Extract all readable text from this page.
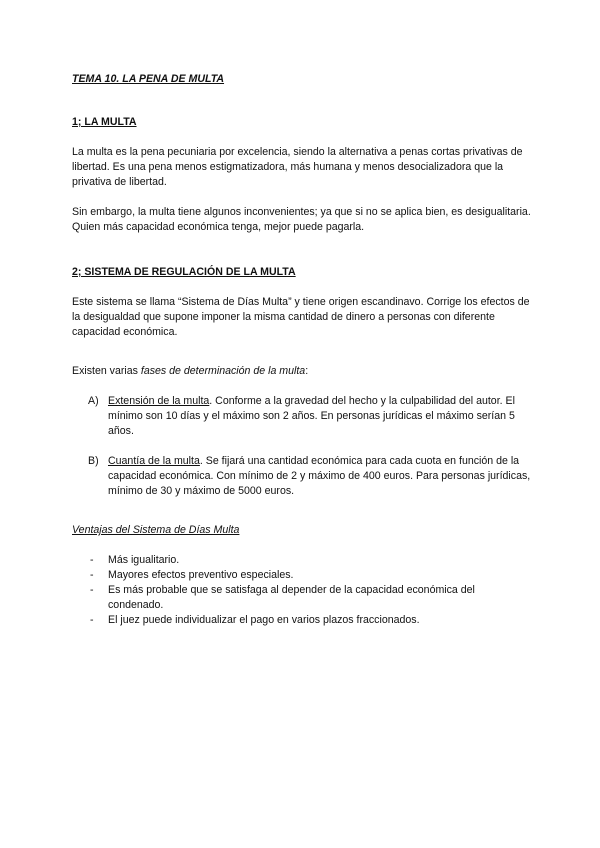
TEMA 10. LA PENA DE MULTA

1; LA MULTA

La multa es la pena pecuniaria por excelencia, siendo la alternativa a penas cortas privativas de libertad. Es una pena menos estigmatizadora, más humana y menos desocializadora que la privativa de libertad.

Sin embargo, la multa tiene algunos inconvenientes; ya que si no se aplica bien, es desigualitaria. Quien más capacidad económica tenga, mejor puede pagarla.

2; SISTEMA DE REGULACIÓN DE LA MULTA

Este sistema se llama “Sistema de Días Multa” y tiene origen escandinavo. Corrige los efectos de la desigualdad que supone imponer la misma cantidad de dinero a personas con diferente capacidad económica.

Existen varias fases de determinación de la multa:

A) Extensión de la multa. Conforme a la gravedad del hecho y la culpabilidad del autor. El mínimo son 10 días y el máximo son 2 años. En personas jurídicas el máximo serían 5 años.
B) Cuantía de la multa. Se fijará una cantidad económica para cada cuota en función de la capacidad económica. Con mínimo de 2 y máximo de 400 euros. Para personas jurídicas, mínimo de 30 y máximo de 5000 euros.

Ventajas del Sistema de Días Multa

- Más igualitario.
- Mayores efectos preventivo especiales.
- Es más probable que se satisfaga al depender de la capacidad económica del condenado.
- El juez puede individualizar el pago en varios plazos fraccionados.
